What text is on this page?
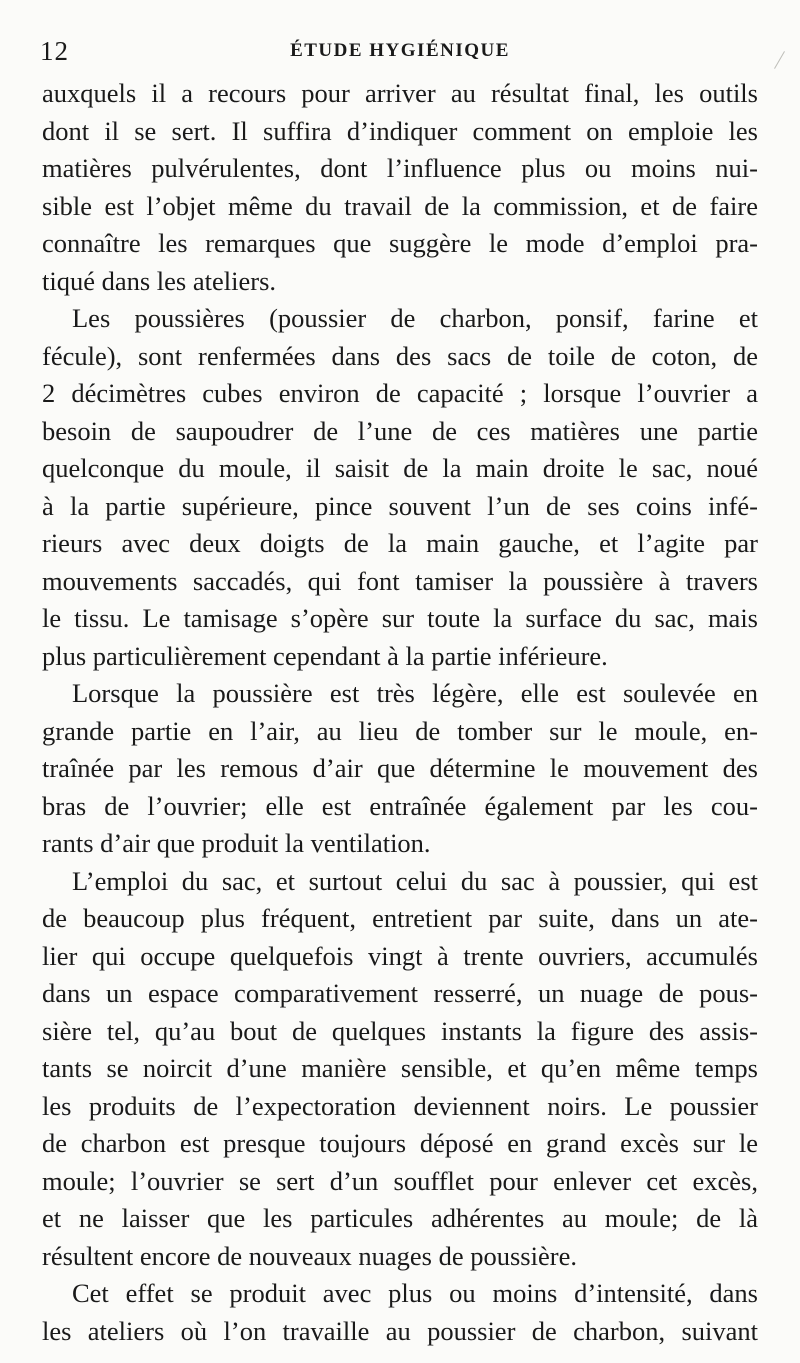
12	ÉTUDE HYGIÉNIQUE
auxquels il a recours pour arriver au résultat final, les outils
dont il se sert. Il suffira d’indiquer comment on emploie les
matières pulvérulentes, dont l’influence plus ou moins nui-
sible est l’objet même du travail de la commission, et de faire
connaître les remarques que suggère le mode d’emploi pra-
tiqué dans les ateliers.
Les poussières (poussier de charbon, ponsif, farine et
fécule), sont renfermées dans des sacs de toile de coton, de
2 décimètres cubes environ de capacité ; lorsque l’ouvrier a
besoin de saupoudrer de l’une de ces matières une partie
quelconque du moule, il saisit de la main droite le sac, noué
à la partie supérieure, pince souvent l’un de ses coins infé-
rieurs avec deux doigts de la main gauche, et l’agite par
mouvements saccadés, qui font tamiser la poussière à travers
le tissu. Le tamisage s’opère sur toute la surface du sac, mais
plus particulièrement cependant à la partie inférieure.
Lorsque la poussière est très légère, elle est soulevée en
grande partie en l’air, au lieu de tomber sur le moule, en-
traînée par les remous d’air que détermine le mouvement des
bras de l’ouvrier; elle est entraînée également par les cou-
rants d’air que produit la ventilation.
L’emploi du sac, et surtout celui du sac à poussier, qui est
de beaucoup plus fréquent, entretient par suite, dans un ate-
lier qui occupe quelquefois vingt à trente ouvriers, accumulés
dans un espace comparativement resserré, un nuage de pous-
sière tel, qu’au bout de quelques instants la figure des assis-
tants se noircit d’une manière sensible, et qu’en même temps
les produits de l’expectoration deviennent noirs. Le poussier
de charbon est presque toujours déposé en grand excès sur le
moule; l’ouvrier se sert d’un soufflet pour enlever cet excès,
et ne laisser que les particules adhérentes au moule; de là
résultent encore de nouveaux nuages de poussière.
Cet effet se produit avec plus ou moins d’intensité, dans
les ateliers où l’on travaille au poussier de charbon, suivant
